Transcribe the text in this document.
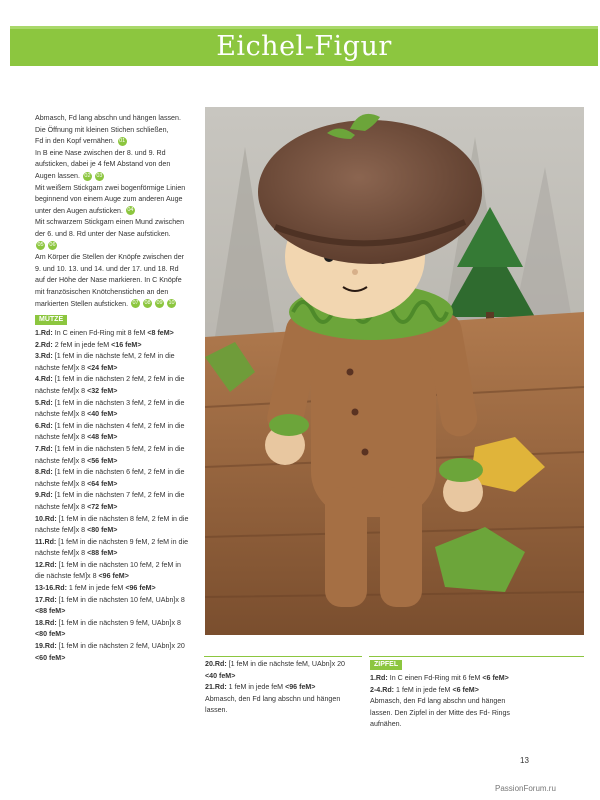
Eichel-Figur

Abmasch, Fd lang abschn und hängen lassen.

Die Öffnung mit kleinen Stichen schließen,

Fd in den Kopf vernähen. 01

In B eine Nase zwischen der 8. und 9. Rd

aufsticken, dabei je 4 feM Abstand von den

Augen lassen. 02 03

Mit weißem Stickgarn zwei bogenförmige Linien

beginnend von einem Auge zum anderen Auge

unter den Augen aufsticken. 04

Mit schwarzem Stickgarn einen Mund zwischen

der 6. und 8. Rd unter der Nase aufsticken.

05 06

Am Körper die Stellen der Knöpfe zwischen der

9. und 10. 13. und 14. und der 17. und 18. Rd

auf der Höhe der Nase markieren. In C Knöpfe

mit französischen Knötchenstichen an den

markierten Stellen aufsticken. 07 08 09 10

MÜTZE

1.Rd: In C einen Fd-Ring mit 8 feM <8 feM>

2.Rd: 2 feM in jede feM <16 feM>

3.Rd: [1 feM in die nächste feM, 2 feM in die
nächste feM]x 8 <24 feM>

4.Rd: [1 feM in die nächsten 2 feM, 2 feM in die
nächste feM]x 8 <32 feM>

5.Rd: [1 feM in die nächsten 3 feM, 2 feM in die
nächste feM]x 8 <40 feM>

6.Rd: [1 feM in die nächsten 4 feM, 2 feM in die
nächste feM]x 8 <48 feM>

7.Rd: [1 feM in die nächsten 5 feM, 2 feM in die
nächste feM]x 8 <56 feM>

8.Rd: [1 feM in die nächsten 6 feM, 2 feM in die
nächste feM]x 8 <64 feM>

9.Rd: [1 feM in die nächsten 7 feM, 2 feM in die
nächste feM]x 8 <72 feM>

10.Rd: [1 feM in die nächsten 8 feM, 2 feM in die
nächste feM]x 8 <80 feM>

11.Rd: [1 feM in die nächsten 9 feM, 2 feM in die
nächste feM]x 8 <88 feM>

12.Rd: [1 feM in die nächsten 10 feM, 2 feM in
die nächste feM]x 8 <96 feM>

13-16.Rd: 1 feM in jede feM <96 feM>

17.Rd: [1 feM in die nächsten 10 feM, UAbn]x 8
<88 feM>

18.Rd: [1 feM in die nächsten 9 feM, UAbn]x 8
<80 feM>

19.Rd: [1 feM in die nächsten 2 feM, UAbn]x 20
<60 feM>

20.Rd: [1 feM in die nächste feM, UAbn]x 20
<40 feM>

21.Rd: 1 feM in jede feM <96 feM>

Abmasch, den Fd lang abschn und hängen

lassen.

ZIPFEL

1.Rd: In C einen Fd-Ring mit 6 feM <6 feM>

2-4.Rd: 1 feM in jede feM <6 feM>

Abmasch, den Fd lang abschn und hängen

lassen. Den Zipfel in der Mitte des Fd- Rings

aufnähen.

13
PassionForum.ru
